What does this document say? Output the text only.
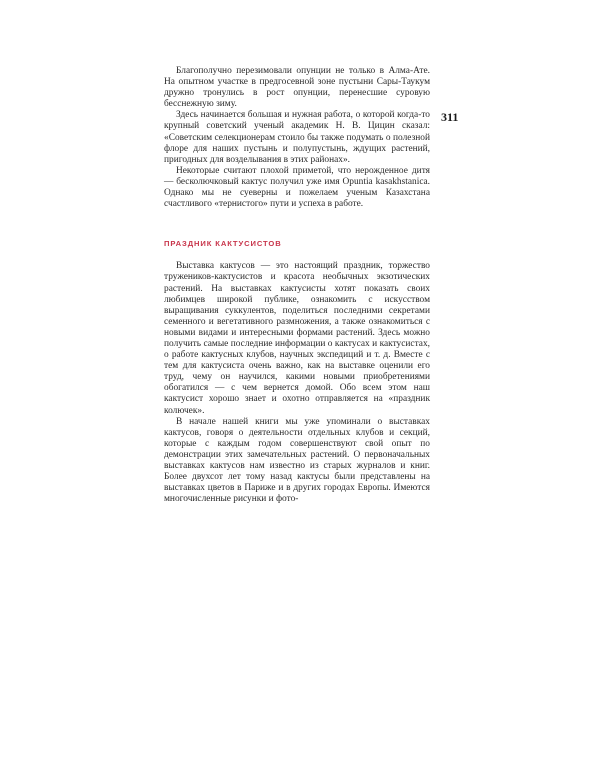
311

Благополучно перезимовали опунции не только в Алма-Ате. На опытном участке в предгосевной зоне пустыни Сары-Таукум дружно тронулись в рост опунции, перенесшие суровую бесснежную зиму.

Здесь начинается большая и нужная работа, о которой когда-то крупный советский ученый академик Н. В. Цицин сказал: «Советским селекционерам стоило бы также подумать о полезной флоре для наших пустынь и полупустынь, ждущих растений, пригодных для возделывания в этих районах».

Некоторые считают плохой приметой, что нерожденное дитя — бесколючковый кактус получил уже имя Opuntia kasakhstanica. Однако мы не суеверны и пожелаем ученым Казахстана счастливого «тернистого» пути и успеха в работе.

ПРАЗДНИК КАКТУСИСТОВ

Выставка кактусов — это настоящий праздник, торжество тружеников-кактусистов и красота необычных экзотических растений. На выставках кактусисты хотят показать своих любимцев широкой публике, ознакомить с искусством выращивания суккулентов, поделиться последними секретами семенного и вегетативного размножения, а также ознакомиться с новыми видами и интересными формами растений. Здесь можно получить самые последние информации о кактусах и кактусистах, о работе кактусных клубов, научных экспедиций и т. д. Вместе с тем для кактусиста очень важно, как на выставке оценили его труд, чему он научился, какими новыми приобретениями обогатился — с чем вернется домой. Обо всем этом наш кактусист хорошо знает и охотно отправляется на «праздник колючек».

В начале нашей книги мы уже упоминали о выставках кактусов, говоря о деятельности отдельных клубов и секций, которые с каждым годом совершенствуют свой опыт по демонстрации этих замечательных растений. О первоначальных выставках кактусов нам известно из старых журналов и книг. Более двухсот лет тому назад кактусы были представлены на выставках цветов в Париже и в других городах Европы. Имеются многочисленные рисунки и фото-
